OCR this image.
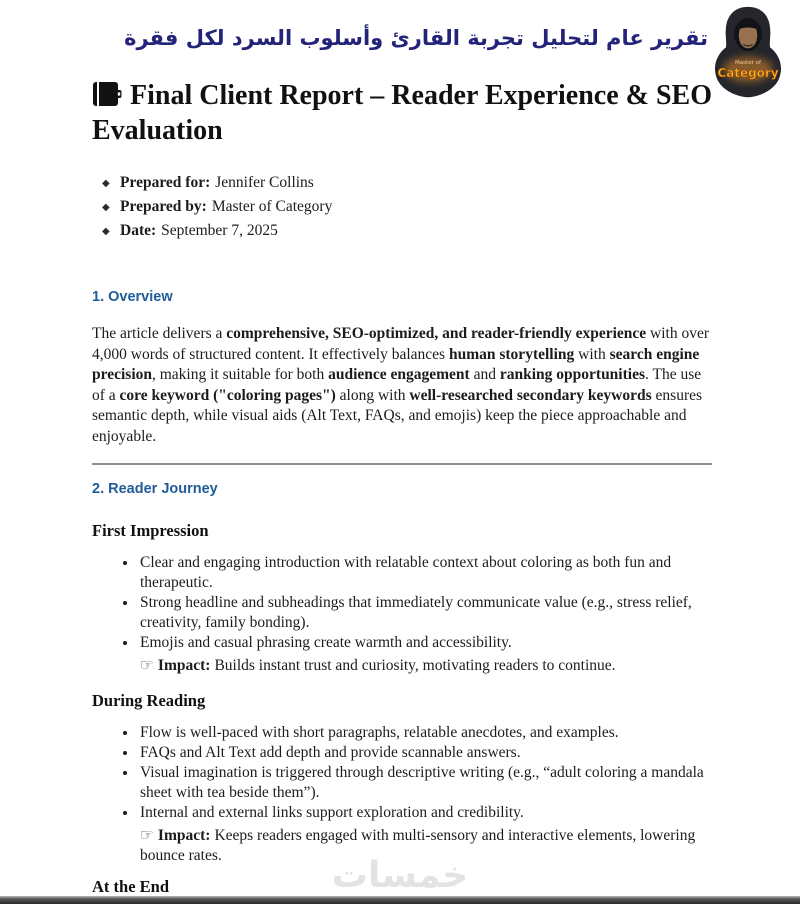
تقرير عام لتحليل تجربة القارئ وأسلوب السرد لكل فقرة
Master of
Category
Final Client Report – Reader Experience & SEO Evaluation
◆ Prepared for: Jennifer Collins
◆ Prepared by: Master of Category
◆ Date: September 7, 2025
1. Overview

The article delivers a comprehensive, SEO-optimized, and reader-friendly experience with over 4,000 words of structured content. It effectively balances human storytelling with search engine precision, making it suitable for both audience engagement and ranking opportunities. The use of a core keyword ("coloring pages") along with well-researched secondary keywords ensures semantic depth, while visual aids (Alt Text, FAQs, and emojis) keep the piece approachable and enjoyable.

2. Reader Journey
First Impression
• Clear and engaging introduction with relatable context about coloring as both fun and therapeutic.
• Strong headline and subheadings that immediately communicate value (e.g., stress relief, creativity, family bonding).
• Emojis and casual phrasing create warmth and accessibility.
☞ Impact: Builds instant trust and curiosity, motivating readers to continue.
During Reading
• Flow is well-paced with short paragraphs, relatable anecdotes, and examples.
• FAQs and Alt Text add depth and provide scannable answers.
• Visual imagination is triggered through descriptive writing (e.g., “adult coloring a mandala sheet with tea beside them”).
• Internal and external links support exploration and credibility.
☞ Impact: Keeps readers engaged with multi-sensory and interactive elements, lowering bounce rates.
At the End	خمسات
